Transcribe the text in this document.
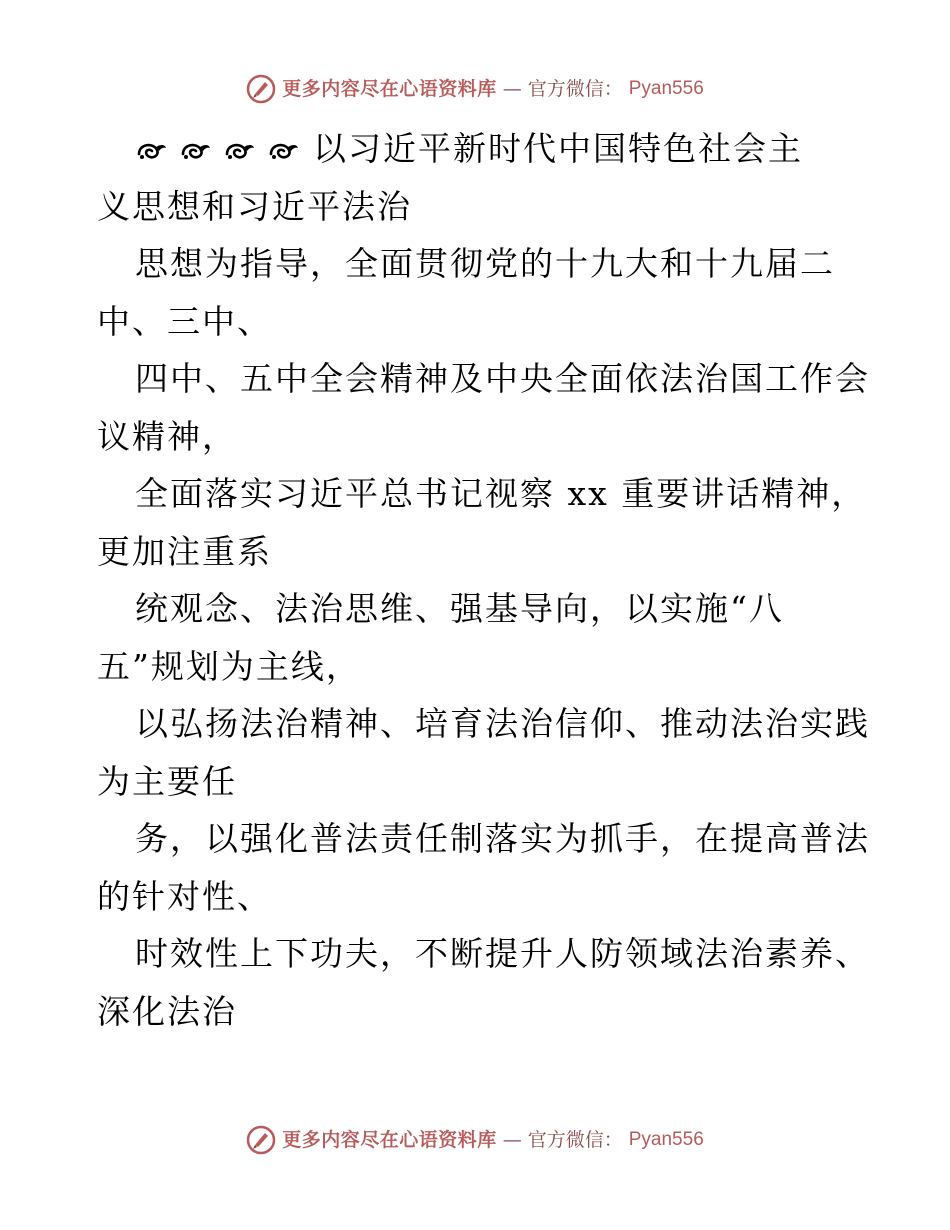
更多内容尽在心语资料库 — 官方微信： Pyan556
以习近平新时代中国特色社会主
义思想和习近平法治
思想为指导，全面贯彻党的十九大和十九届二
中、三中、
四中、五中全会精神及中央全面依法治国工作会
议精神，
全面落实习近平总书记视察 xx 重要讲话精神，
更加注重系
统观念、法治思维、强基导向，以实施“八
五”规划为主线，
以弘扬法治精神、培育法治信仰、推动法治实践
为主要任
务，以强化普法责任制落实为抓手，在提高普法
的针对性、
时效性上下功夫，不断提升人防领域法治素养、
深化法治
更多内容尽在心语资料库 — 官方微信： Pyan556
